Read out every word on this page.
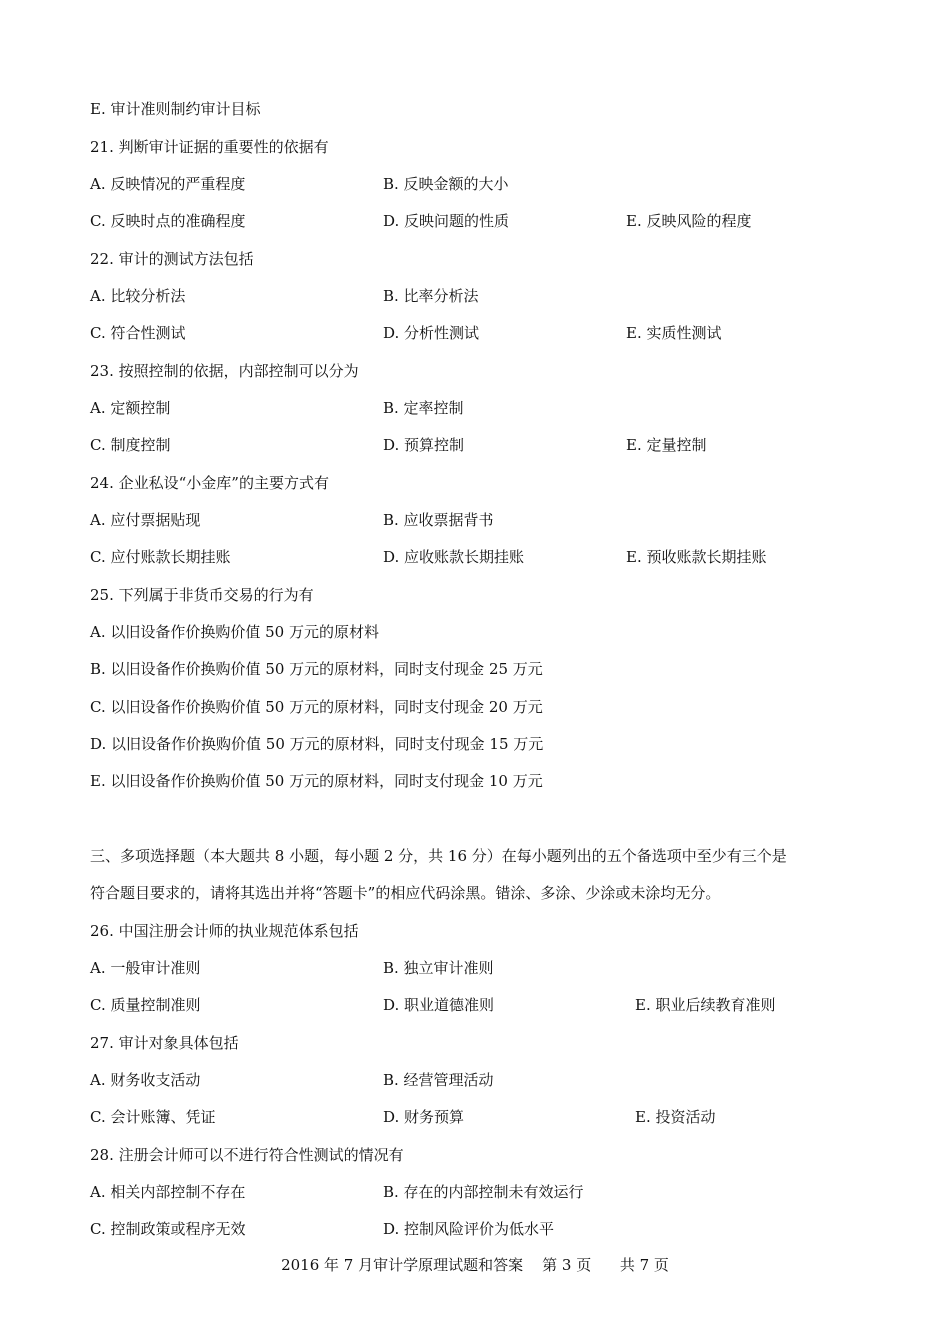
E. 审计准则制约审计目标
21. 判断审计证据的重要性的依据有
A. 反映情况的严重程度	B. 反映金额的大小
C. 反映时点的准确程度	D. 反映问题的性质	E. 反映风险的程度
22. 审计的测试方法包括
A. 比较分析法	B. 比率分析法
C. 符合性测试	D. 分析性测试	E. 实质性测试
23. 按照控制的依据，内部控制可以分为
A. 定额控制	B. 定率控制
C. 制度控制	D. 预算控制	E. 定量控制
24. 企业私设“小金库”的主要方式有
A. 应付票据贴现	B. 应收票据背书
C. 应付账款长期挂账	D. 应收账款长期挂账	E. 预收账款长期挂账
25. 下列属于非货币交易的行为有
A. 以旧设备作价换购价值 50 万元的原材料
B. 以旧设备作价换购价值 50 万元的原材料，同时支付现金 25 万元
C. 以旧设备作价换购价值 50 万元的原材料，同时支付现金 20 万元
D. 以旧设备作价换购价值 50 万元的原材料，同时支付现金 15 万元
E. 以旧设备作价换购价值 50 万元的原材料，同时支付现金 10 万元
三、多项选择题（本大题共 8 小题，每小题 2 分，共 16 分）在每小题列出的五个备选项中至少有三个是
符合题目要求的，请将其选出并将“答题卡”的相应代码涂黑。错涂、多涂、少涂或未涂均无分。
26. 中国注册会计师的执业规范体系包括
A. 一般审计准则	B. 独立审计准则
C. 质量控制准则	D. 职业道德准则	E. 职业后续教育准则
27. 审计对象具体包括
A. 财务收支活动	B. 经营管理活动
C. 会计账簿、凭证	D. 财务预算	E. 投资活动
28. 注册会计师可以不进行符合性测试的情况有
A. 相关内部控制不存在	B. 存在的内部控制未有效运行
C. 控制政策或程序无效	D. 控制风险评价为低水平
2016 年 7 月审计学原理试题和答案    第 3 页      共 7 页
